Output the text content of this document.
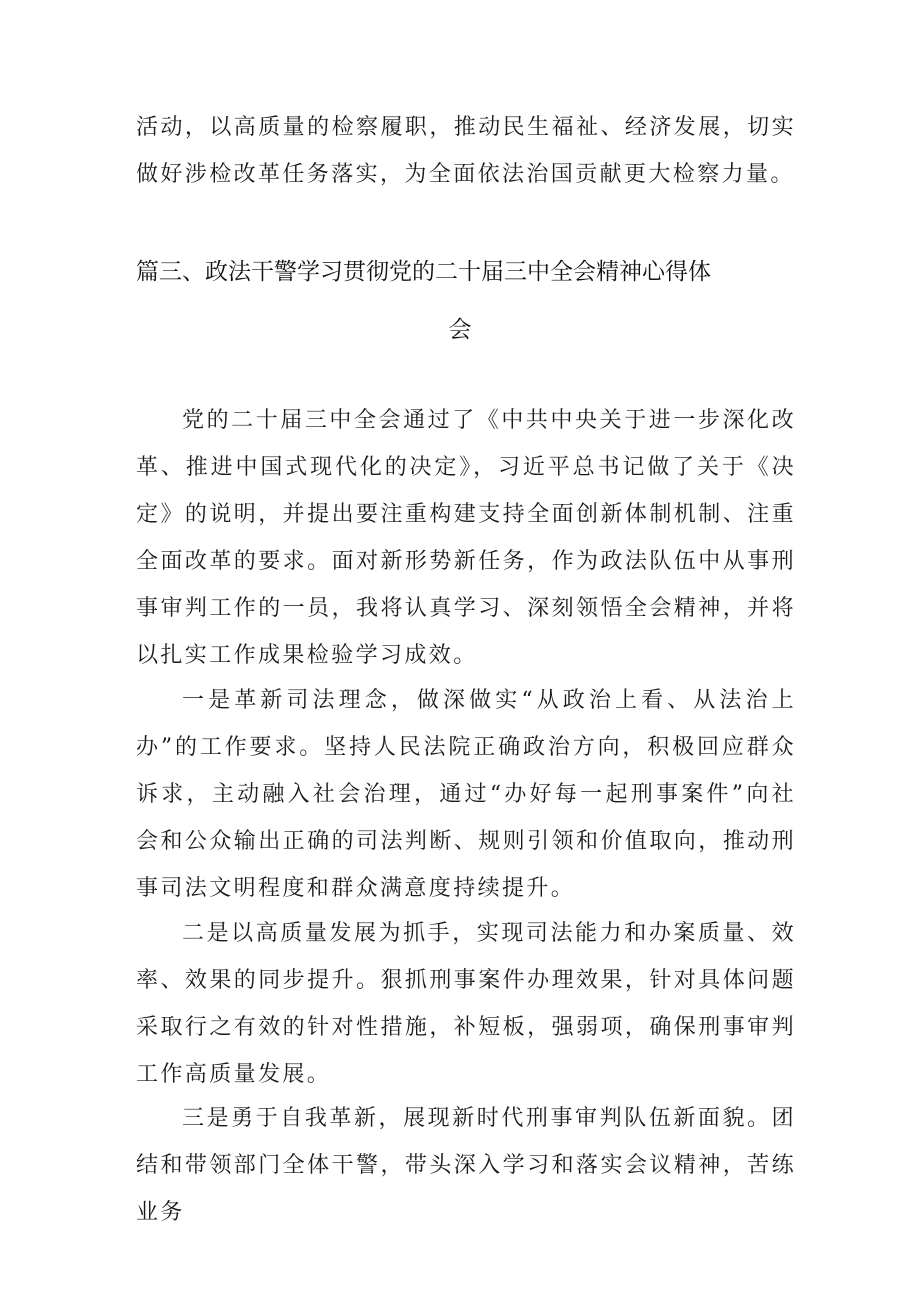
活动，以高质量的检察履职，推动民生福祉、经济发展，切实做好涉检改革任务落实，为全面依法治国贡献更大检察力量。

篇三、政法干警学习贯彻党的二十届三中全会精神心得体

会

党的二十届三中全会通过了《中共中央关于进一步深化改革、推进中国式现代化的决定》，习近平总书记做了关于《决定》的说明，并提出要注重构建支持全面创新体制机制、注重全面改革的要求。面对新形势新任务，作为政法队伍中从事刑事审判工作的一员，我将认真学习、深刻领悟全会精神，并将以扎实工作成果检验学习成效。

一是革新司法理念，做深做实“从政治上看、从法治上办”的工作要求。坚持人民法院正确政治方向，积极回应群众诉求，主动融入社会治理，通过“办好每一起刑事案件”向社会和公众输出正确的司法判断、规则引领和价值取向，推动刑事司法文明程度和群众满意度持续提升。

二是以高质量发展为抓手，实现司法能力和办案质量、效率、效果的同步提升。狠抓刑事案件办理效果，针对具体问题采取行之有效的针对性措施，补短板，强弱项，确保刑事审判工作高质量发展。

三是勇于自我革新，展现新时代刑事审判队伍新面貌。团结和带领部门全体干警，带头深入学习和落实会议精神，苦练业务
